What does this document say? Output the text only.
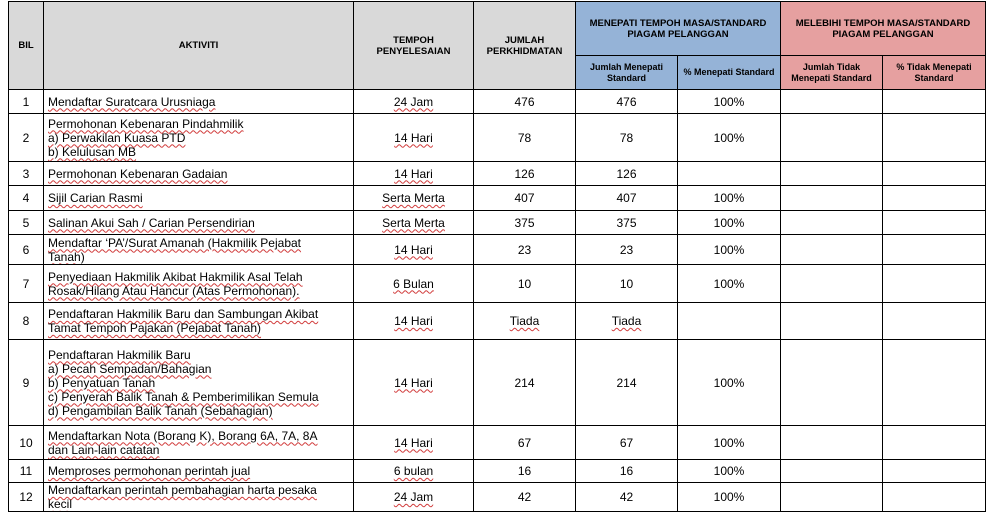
BIL	AKTIVITI	TEMPOH PENYELESAIAN	JUMLAH PERKHIDMATAN	MENEPATI TEMPOH MASA/STANDARD PIAGAM PELANGGAN		MELEBIHI TEMPOH MASA/STANDARD PIAGAM PELANGGAN	
				Jumlah Menepati Standard	% Menepati Standard	Jumlah Tidak Menepati Standard	% Tidak Menepati Standard
1	Mendaftar Suratcara Urusniaga	24 Jam	476	476	100%		
2	Permohonan Kebenaran Pindahmilik
a) Perwakilan Kuasa PTD
b) Kelulusan MB	14 Hari	78	78	100%		
3	Permohonan Kebenaran Gadaian	14 Hari	126	126			
4	Sijil Carian Rasmi	Serta Merta	407	407	100%		
5	Salinan Akui Sah / Carian Persendirian	Serta Merta	375	375	100%		
6	Mendaftar ‘PA’/Surat Amanah (Hakmilik Pejabat
Tanah)	14 Hari	23	23	100%		
7	Penyediaan Hakmilik Akibat Hakmilik Asal Telah
Rosak/Hilang Atau Hancur (Atas Permohonan).	6 Bulan	10	10	100%		
8	Pendaftaran Hakmilik Baru dan Sambungan Akibat
Tamat Tempoh Pajakan (Pejabat Tanah)	14 Hari	Tiada	Tiada			
9	Pendaftaran Hakmilik Baru
a) Pecah Sempadan/Bahagian
b) Penyatuan Tanah
c) Penyerah Balik Tanah & Pemberimilikan Semula
d) Pengambilan Balik Tanah (Sebahagian)	14 Hari	214	214	100%		
10	Mendaftarkan Nota (Borang K), Borang 6A, 7A, 8A
dan Lain-lain catatan	14 Hari	67	67	100%		
11	Memproses permohonan perintah jual	6 bulan	16	16	100%		
12	Mendaftarkan perintah pembahagian harta pesaka
kecil	24 Jam	42	42	100%		
